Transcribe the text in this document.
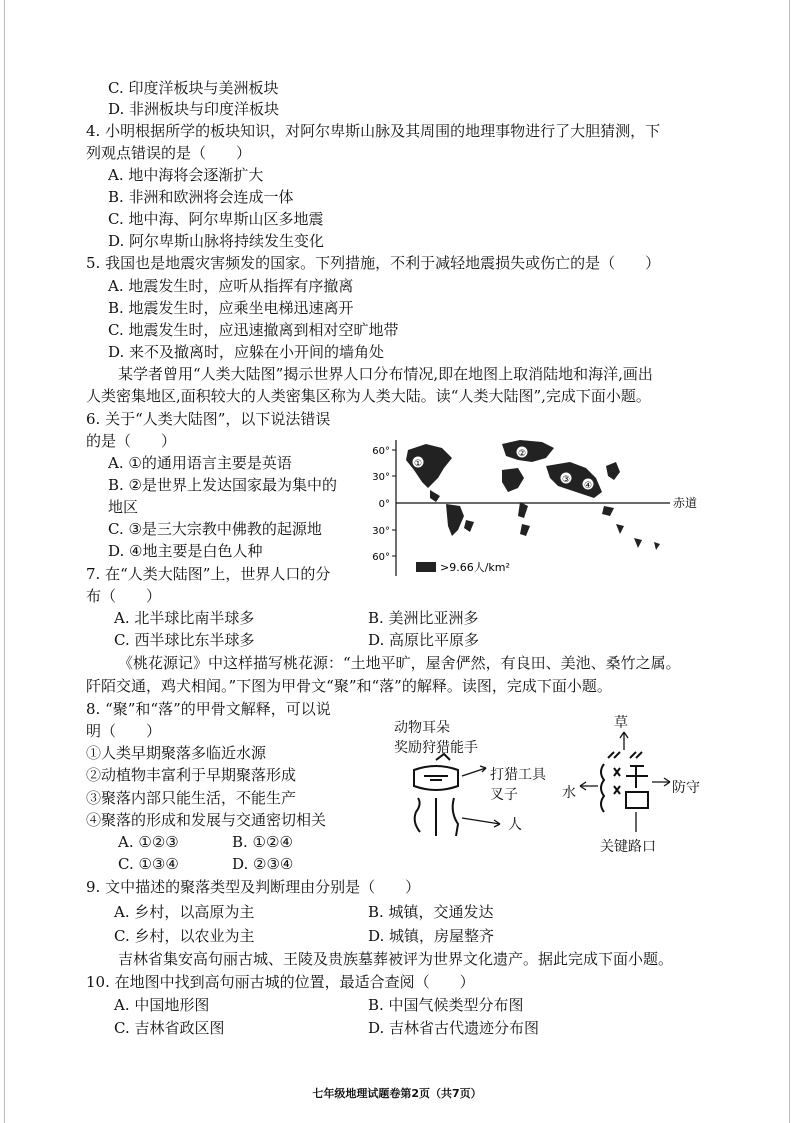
C. 印度洋板块与美洲板块
D. 非洲板块与印度洋板块
4. 小明根据所学的板块知识，对阿尔卑斯山脉及其周围的地理事物进行了大胆猜测，下
列观点错误的是（　　）
A. 地中海将会逐渐扩大
B. 非洲和欧洲将会连成一体
C. 地中海、阿尔卑斯山区多地震
D. 阿尔卑斯山脉将持续发生变化
5. 我国也是地震灾害频发的国家。下列措施，不利于减轻地震损失或伤亡的是（　　）
A. 地震发生时，应听从指挥有序撤离
B. 地震发生时，应乘坐电梯迅速离开
C. 地震发生时，应迅速撤离到相对空旷地带
D. 来不及撤离时，应躲在小开间的墙角处
某学者曾用“人类大陆图”揭示世界人口分布情况,即在地图上取消陆地和海洋,画出
人类密集地区,面积较大的人类密集区称为人类大陆。读“人类大陆图”,完成下面小题。
6. 关于“人类大陆图”，以下说法错误
的是（　　）
A. ①的通用语言主要是英语
B. ②是世界上发达国家最为集中的
地区
C. ③是三大宗教中佛教的起源地
D. ④地主要是白色人种
7. 在“人类大陆图”上，世界人口的分
布（　　）
A. 北半球比南半球多	B. 美洲比亚洲多
C. 西半球比东半球多	D. 高原比平原多
60°
30°
0°
30°
60°
赤道
①
②
③
④
>9.66人/km²
《桃花源记》中这样描写桃花源：“土地平旷，屋舍俨然，有良田、美池、桑竹之属。
阡陌交通，鸡犬相闻。”下图为甲骨文“聚”和“落”的解释。读图，完成下面小题。
8. “聚”和“落”的甲骨文解释，可以说
明（　　）
①人类早期聚落多临近水源
②动植物丰富利于早期聚落形成
③聚落内部只能生活，不能生产
④聚落的形成和发展与交通密切相关
A. ①②③	B. ①②④
C. ①③④	D. ②③④
动物耳朵
奖励狩猎能手
打猎工具
叉子
人
草
水	防守
关键路口
9. 文中描述的聚落类型及判断理由分别是（　　）
A. 乡村，以高原为主	B. 城镇，交通发达
C. 乡村，以农业为主	D. 城镇，房屋整齐
吉林省集安高句丽古城、王陵及贵族墓葬被评为世界文化遗产。据此完成下面小题。
10. 在地图中找到高句丽古城的位置，最适合查阅（　　）
A. 中国地形图	B. 中国气候类型分布图
C. 吉林省政区图	D. 吉林省古代遗迹分布图
七年级地理试题卷第2页（共7页）
